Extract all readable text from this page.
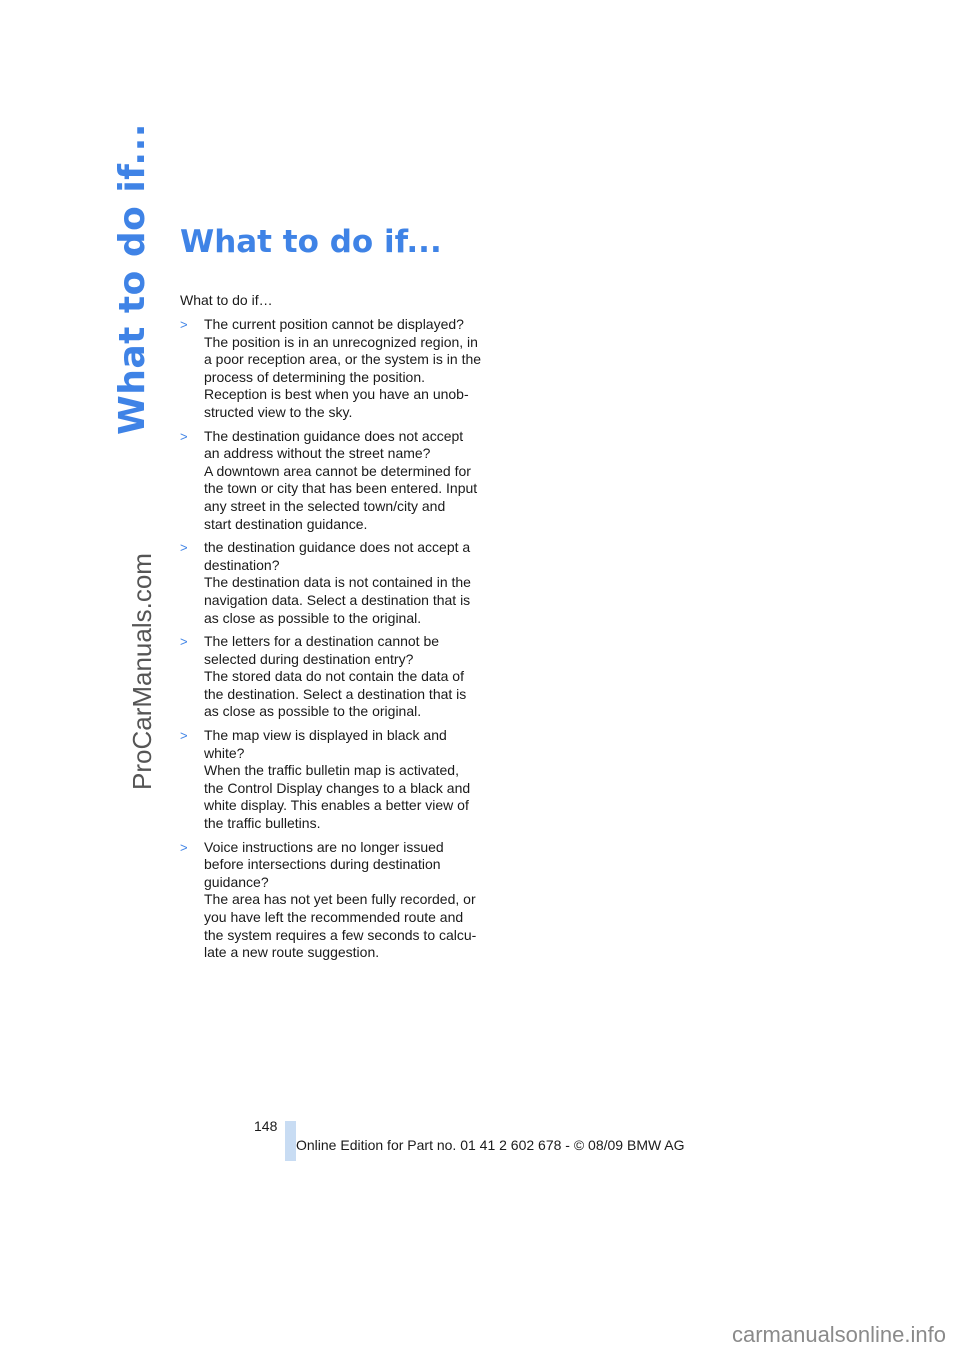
What to do if...
ProCarManuals.com
What to do if...
What to do if…
> The current position cannot be displayed?
The position is in an unrecognized region, in
a poor reception area, or the system is in the
process of determining the position.
Reception is best when you have an unob-
structed view to the sky.
> The destination guidance does not accept
an address without the street name?
A downtown area cannot be determined for
the town or city that has been entered. Input
any street in the selected town/city and
start destination guidance.
> the destination guidance does not accept a
destination?
The destination data is not contained in the
navigation data. Select a destination that is
as close as possible to the original.
> The letters for a destination cannot be
selected during destination entry?
The stored data do not contain the data of
the destination. Select a destination that is
as close as possible to the original.
> The map view is displayed in black and
white?
When the traffic bulletin map is activated,
the Control Display changes to a black and
white display. This enables a better view of
the traffic bulletins.
> Voice instructions are no longer issued
before intersections during destination
guidance?
The area has not yet been fully recorded, or
you have left the recommended route and
the system requires a few seconds to calcu-
late a new route suggestion.
148
Online Edition for Part no. 01 41 2 602 678 - © 08/09 BMW AG
carmanualsonline.info
